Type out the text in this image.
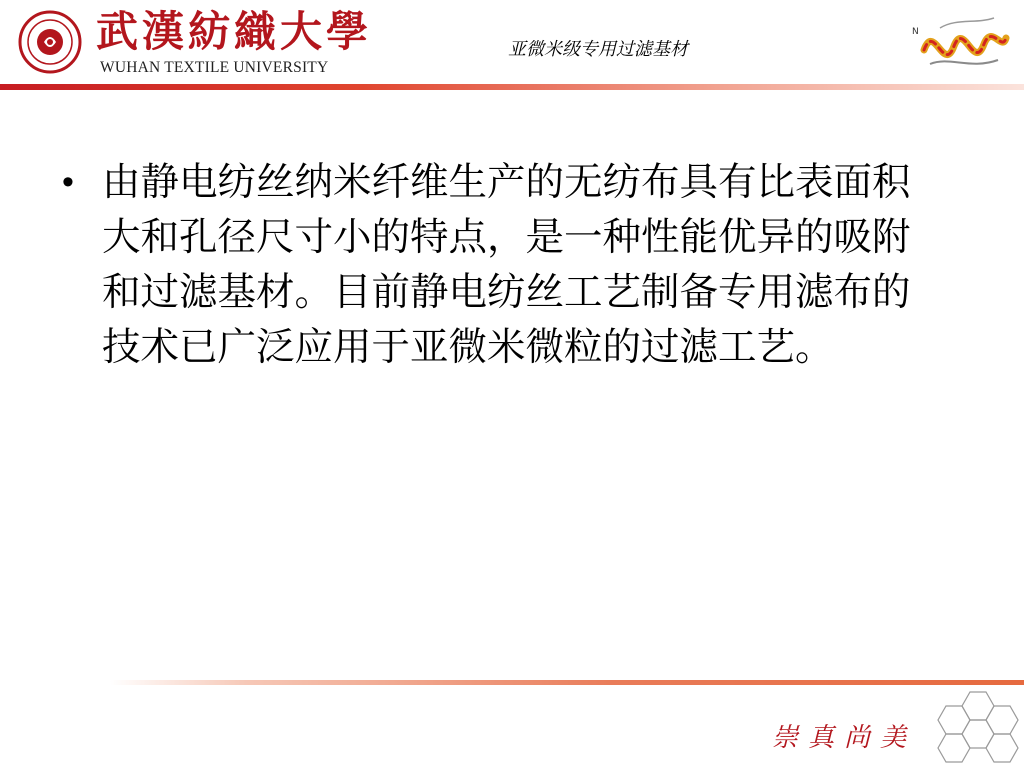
武漢紡織大學
WUHAN TEXTILE UNIVERSITY
亚微米级专用过滤基材
N
• 由静电纺丝纳米纤维生产的无纺布具有比表面积大和孔径尺寸小的特点，是一种性能优异的吸附和过滤基材。目前静电纺丝工艺制备专用滤布的技术已广泛应用于亚微米微粒的过滤工艺。
崇真尚美
